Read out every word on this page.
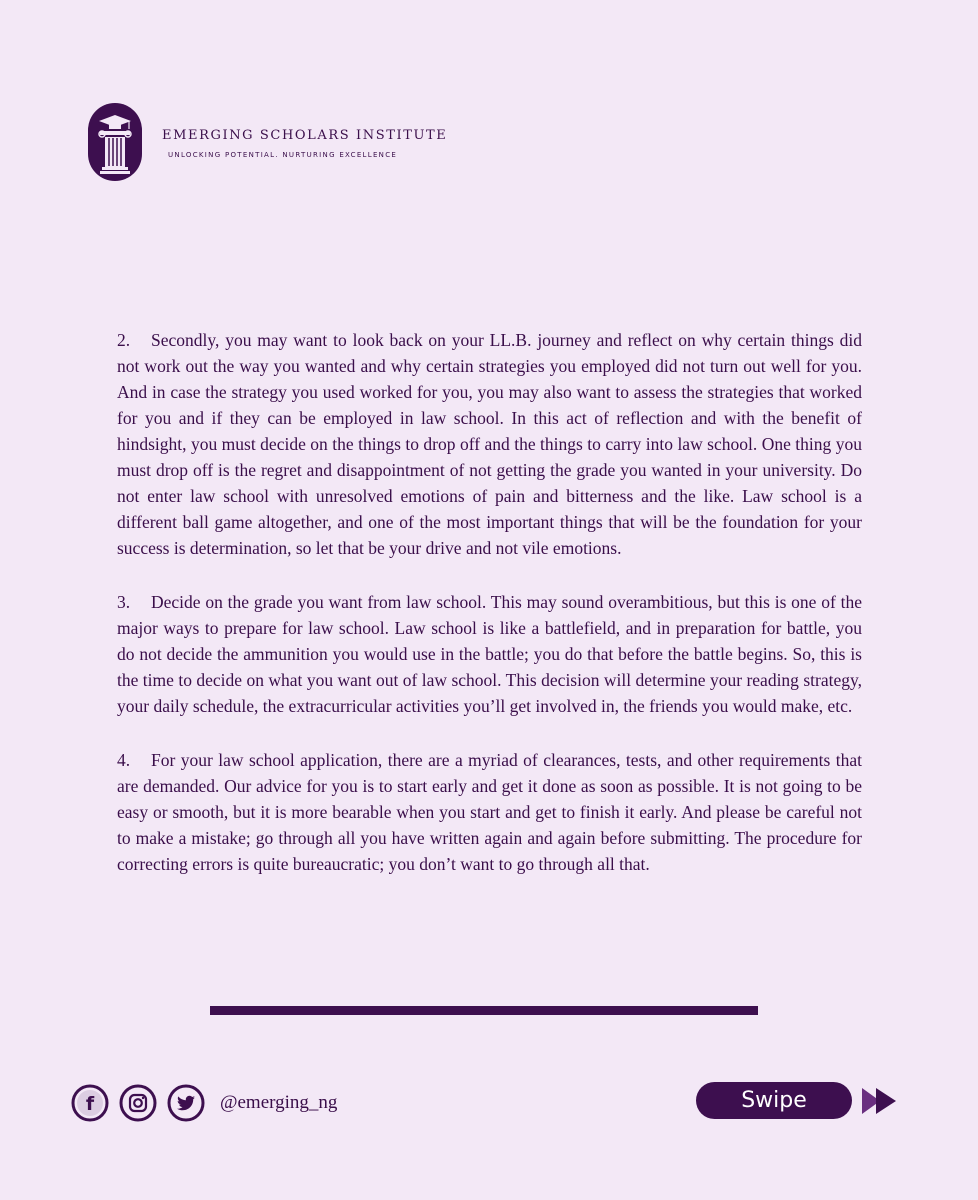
EMERGING SCHOLARS INSTITUTE
UNLOCKING POTENTIAL. NURTURING EXCELLENCE

2. Secondly, you may want to look back on your LL.B. journey and reflect on why certain things did not work out the way you wanted and why certain strategies you employed did not turn out well for you. And in case the strategy you used worked for you, you may also want to assess the strategies that worked for you and if they can be employed in law school. In this act of reflection and with the benefit of hindsight, you must decide on the things to drop off and the things to carry into law school. One thing you must drop off is the regret and disappointment of not getting the grade you wanted in your university. Do not enter law school with unresolved emotions of pain and bitterness and the like. Law school is a different ball game altogether, and one of the most important things that will be the foundation for your success is determination, so let that be your drive and not vile emotions.

3. Decide on the grade you want from law school. This may sound overambitious, but this is one of the major ways to prepare for law school. Law school is like a battlefield, and in preparation for battle, you do not decide the ammunition you would use in the battle; you do that before the battle begins. So, this is the time to decide on what you want out of law school. This decision will determine your reading strategy, your daily schedule, the extracurricular activities you’ll get involved in, the friends you would make, etc.

4. For your law school application, there are a myriad of clearances, tests, and other requirements that are demanded. Our advice for you is to start early and get it done as soon as possible. It is not going to be easy or smooth, but it is more bearable when you start and get to finish it early. And please be careful not to make a mistake; go through all you have written again and again before submitting. The procedure for correcting errors is quite bureaucratic; you don’t want to go through all that.

f	@emerging_ng	Swipe
